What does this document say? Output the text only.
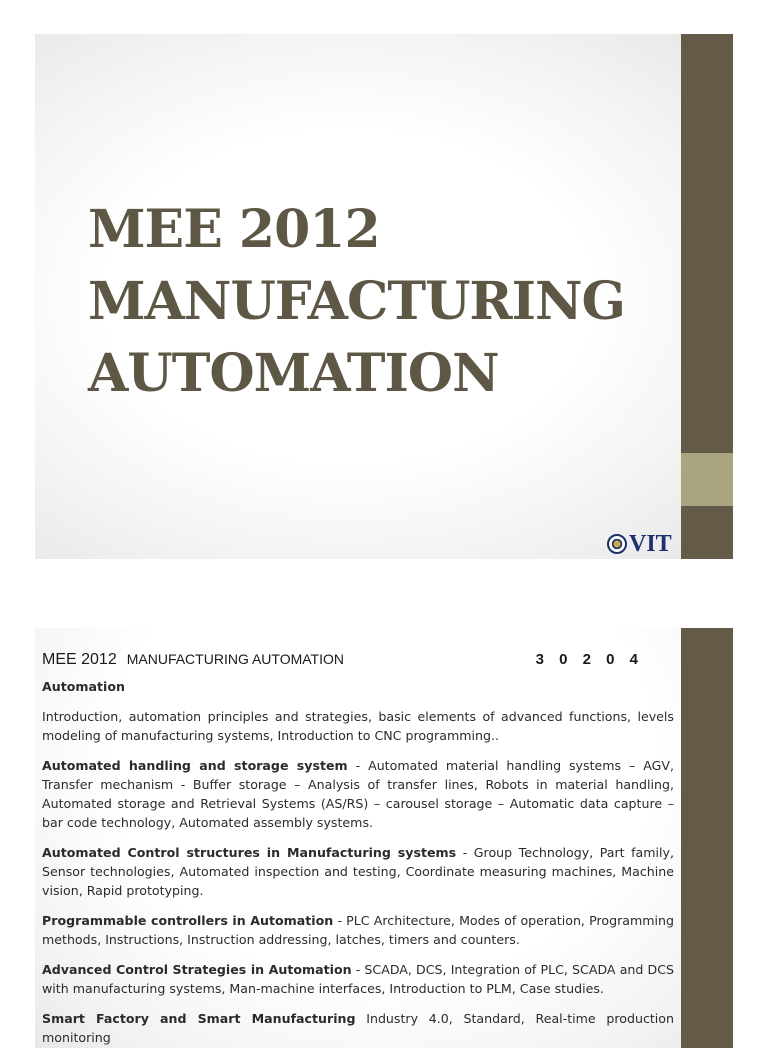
MEE 2012
MANUFACTURING
AUTOMATION
VIT
MEE 2012 MANUFACTURING AUTOMATION	3 0 2 0 4
Automation
Introduction, automation principles and strategies, basic elements of advanced functions, levels modeling of manufacturing systems, Introduction to CNC programming..
Automated handling and storage system - Automated material handling systems – AGV, Transfer mechanism - Buffer storage – Analysis of transfer lines, Robots in material handling, Automated storage and Retrieval Systems (AS/RS) – carousel storage – Automatic data capture – bar code technology, Automated assembly systems.
Automated Control structures in Manufacturing systems - Group Technology, Part family, Sensor technologies, Automated inspection and testing, Coordinate measuring machines, Machine vision, Rapid prototyping.
Programmable controllers in Automation - PLC Architecture, Modes of operation, Programming methods, Instructions, Instruction addressing, latches, timers and counters.
Advanced Control Strategies in Automation - SCADA, DCS, Integration of PLC, SCADA and DCS with manufacturing systems, Man-machine interfaces, Introduction to PLM, Case studies.
Smart Factory and Smart Manufacturing Industry 4.0, Standard, Real-time production monitoring
